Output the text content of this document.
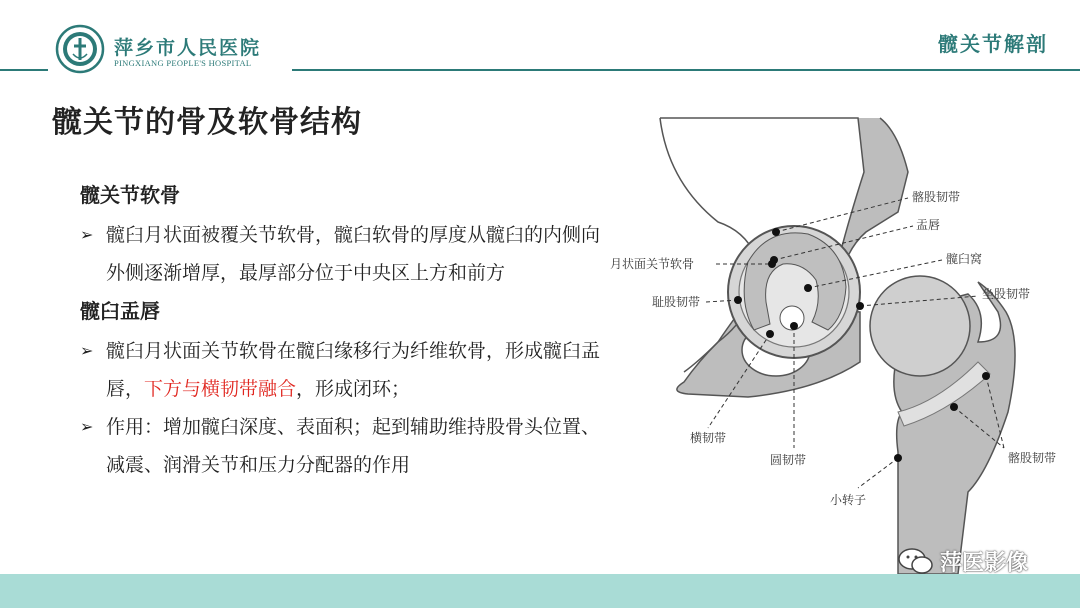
萍乡市人民医院
PINGXIANG PEOPLE'S HOSPITAL
髋关节解剖
髋关节的骨及软骨结构
髋关节软骨
➢ 髋臼月状面被覆关节软骨，髋臼软骨的厚度从髋臼的内侧向外侧逐渐增厚，最厚部分位于中央区上方和前方
髋臼盂唇
➢ 髋臼月状面关节软骨在髋臼缘移行为纤维软骨，形成髋臼盂唇，下方与横韧带融合，形成闭环；
➢ 作用：增加髋臼深度、表面积；起到辅助维持股骨头位置、减震、润滑关节和压力分配器的作用
髂股韧带
盂唇
髋臼窝
月状面关节软骨
坐股韧带
耻股韧带
横韧带
圆韧带	髂股韧带
小转子
萍医影像
